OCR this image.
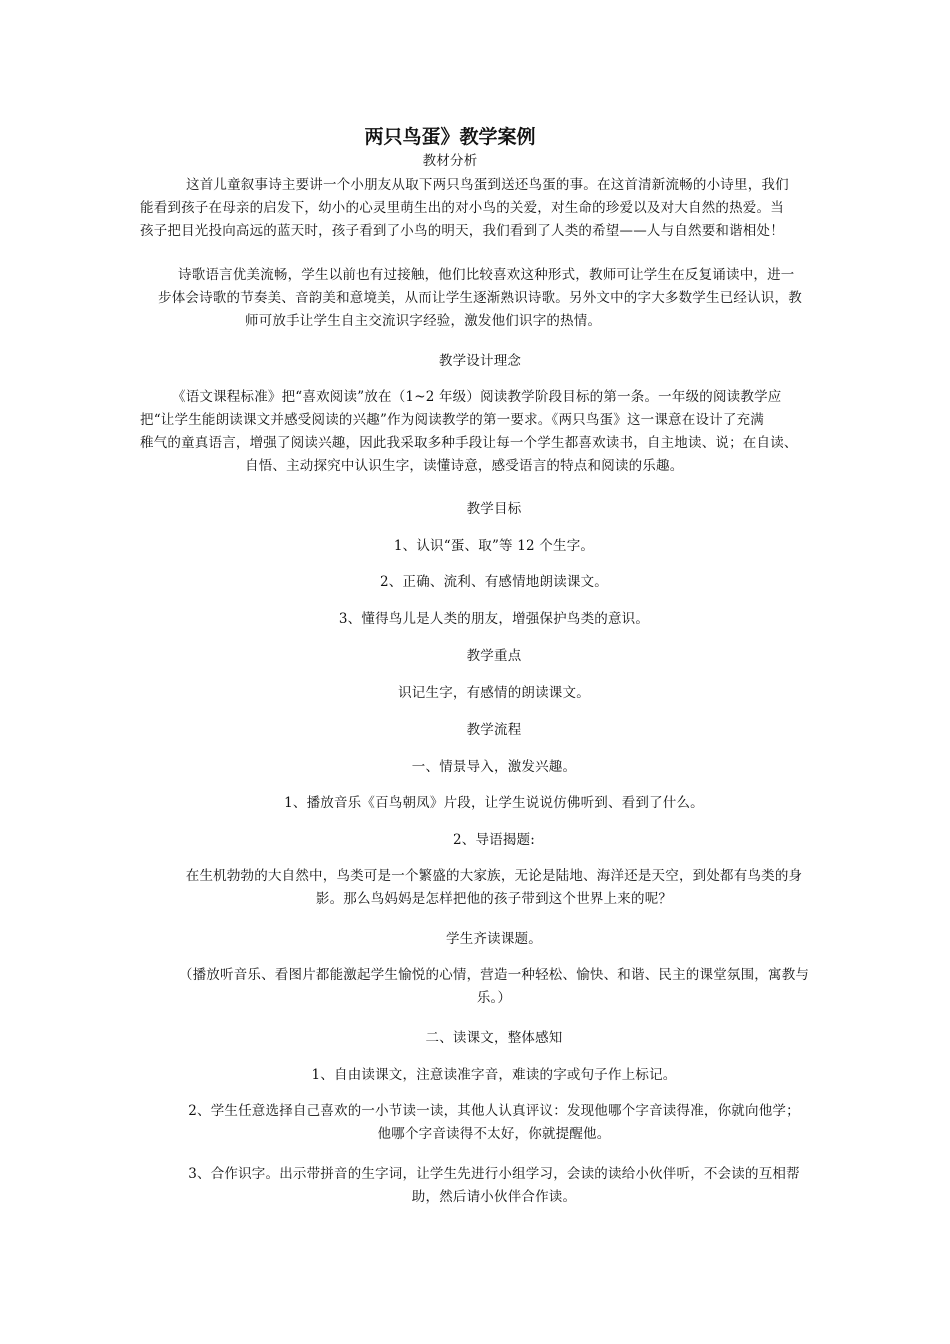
两只鸟蛋》教学案例
教材分析
这首儿童叙事诗主要讲一个小朋友从取下两只鸟蛋到送还鸟蛋的事。在这首清新流畅的小诗里，我们
能看到孩子在母亲的启发下，幼小的心灵里萌生出的对小鸟的关爱，对生命的珍爱以及对大自然的热爱。当
孩子把目光投向高远的蓝天时，孩子看到了小鸟的明天，我们看到了人类的希望——人与自然要和谐相处！
诗歌语言优美流畅，学生以前也有过接触，他们比较喜欢这种形式，教师可让学生在反复诵读中，进一
步体会诗歌的节奏美、音韵美和意境美，从而让学生逐渐熟识诗歌。另外文中的字大多数学生已经认识，教
师可放手让学生自主交流识字经验，激发他们识字的热情。
教学设计理念
《语文课程标准》把“喜欢阅读”放在（1~2 年级）阅读教学阶段目标的第一条。一年级的阅读教学应
把“让学生能朗读课文并感受阅读的兴趣”作为阅读教学的第一要求。《两只鸟蛋》这一课意在设计了充满
稚气的童真语言，增强了阅读兴趣，因此我采取多种手段让每一个学生都喜欢读书，自主地读、说；在自读、
自悟、主动探究中认识生字，读懂诗意，感受语言的特点和阅读的乐趣。
教学目标
1、认识“蛋、取”等 12 个生字。
2、正确、流利、有感情地朗读课文。
3、懂得鸟儿是人类的朋友，增强保护鸟类的意识。
教学重点
识记生字，有感情的朗读课文。
教学流程
一、情景导入，激发兴趣。
1、播放音乐《百鸟朝凤》片段，让学生说说仿佛听到、看到了什么。
2、导语揭题:
在生机勃勃的大自然中，鸟类可是一个繁盛的大家族，无论是陆地、海洋还是天空，到处都有鸟类的身
影。那么鸟妈妈是怎样把他的孩子带到这个世界上来的呢？
学生齐读课题。
（播放听音乐、看图片都能激起学生愉悦的心情，营造一种轻松、愉快、和谐、民主的课堂氛围，寓教与
乐。）
二、读课文，整体感知
1、自由读课文，注意读准字音，难读的字或句子作上标记。
2、学生任意选择自己喜欢的一小节读一读，其他人认真评议：发现他哪个字音读得准，你就向他学；
他哪个字音读得不太好，你就提醒他。
3、合作识字。出示带拼音的生字词，让学生先进行小组学习，会读的读给小伙伴听，不会读的互相帮
助，然后请小伙伴合作读。
